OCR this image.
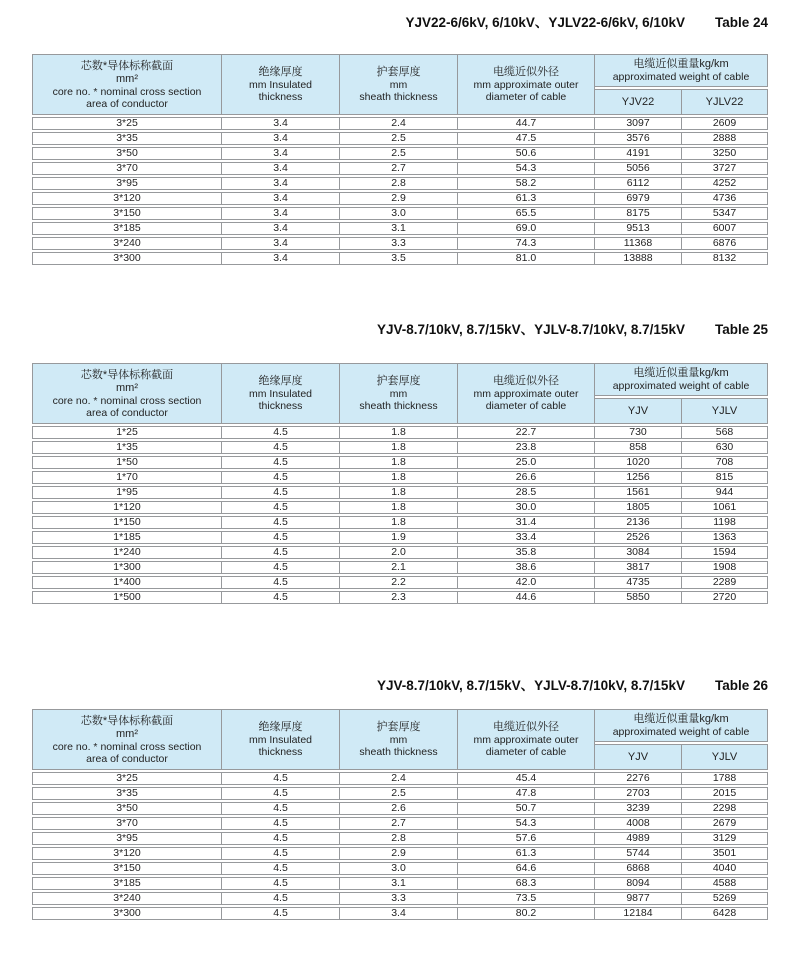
YJV22-6/6kV, 6/10kV、YJLV22-6/6kV, 6/10kV Table 24
芯数*导体标称截面
mm²
core no. * nominal cross section
area of conductor

绝缘厚度
mm Insulated
thickness

护套厚度
mm
sheath thickness

电缆近似外径
mm approximate outer
diameter of cable

电缆近似重量kg/km
approximated weight of cable

				YJV22	YJLV22
3*25	3.4	2.4	44.7	3097	2609
3*35	3.4	2.5	47.5	3576	2888
3*50	3.4	2.5	50.6	4191	3250
3*70	3.4	2.7	54.3	5056	3727
3*95	3.4	2.8	58.2	6112	4252
3*120	3.4	2.9	61.3	6979	4736
3*150	3.4	3.0	65.5	8175	5347
3*185	3.4	3.1	69.0	9513	6007
3*240	3.4	3.3	74.3	11368	6876
3*300	3.4	3.5	81.0	13888	8132
YJV-8.7/10kV, 8.7/15kV、YJLV-8.7/10kV, 8.7/15kV Table 25
芯数*导体标称截面
mm²
core no. * nominal cross section
area of conductor

绝缘厚度
mm Insulated
thickness

护套厚度
mm
sheath thickness

电缆近似外径
mm approximate outer
diameter of cable

电缆近似重量kg/km
approximated weight of cable

				YJV	YJLV
1*25	4.5	1.8	22.7	730	568
1*35	4.5	1.8	23.8	858	630
1*50	4.5	1.8	25.0	1020	708
1*70	4.5	1.8	26.6	1256	815
1*95	4.5	1.8	28.5	1561	944
1*120	4.5	1.8	30.0	1805	1061
1*150	4.5	1.8	31.4	2136	1198
1*185	4.5	1.9	33.4	2526	1363
1*240	4.5	2.0	35.8	3084	1594
1*300	4.5	2.1	38.6	3817	1908
1*400	4.5	2.2	42.0	4735	2289
1*500	4.5	2.3	44.6	5850	2720
YJV-8.7/10kV, 8.7/15kV、YJLV-8.7/10kV, 8.7/15kV Table 26
芯数*导体标称截面
mm²
core no. * nominal cross section
area of conductor

绝缘厚度
mm Insulated
thickness

护套厚度
mm
sheath thickness

电缆近似外径
mm approximate outer
diameter of cable

电缆近似重量kg/km
approximated weight of cable

				YJV	YJLV
3*25	4.5	2.4	45.4	2276	1788
3*35	4.5	2.5	47.8	2703	2015
3*50	4.5	2.6	50.7	3239	2298
3*70	4.5	2.7	54.3	4008	2679
3*95	4.5	2.8	57.6	4989	3129
3*120	4.5	2.9	61.3	5744	3501
3*150	4.5	3.0	64.6	6868	4040
3*185	4.5	3.1	68.3	8094	4588
3*240	4.5	3.3	73.5	9877	5269
3*300	4.5	3.4	80.2	12184	6428
